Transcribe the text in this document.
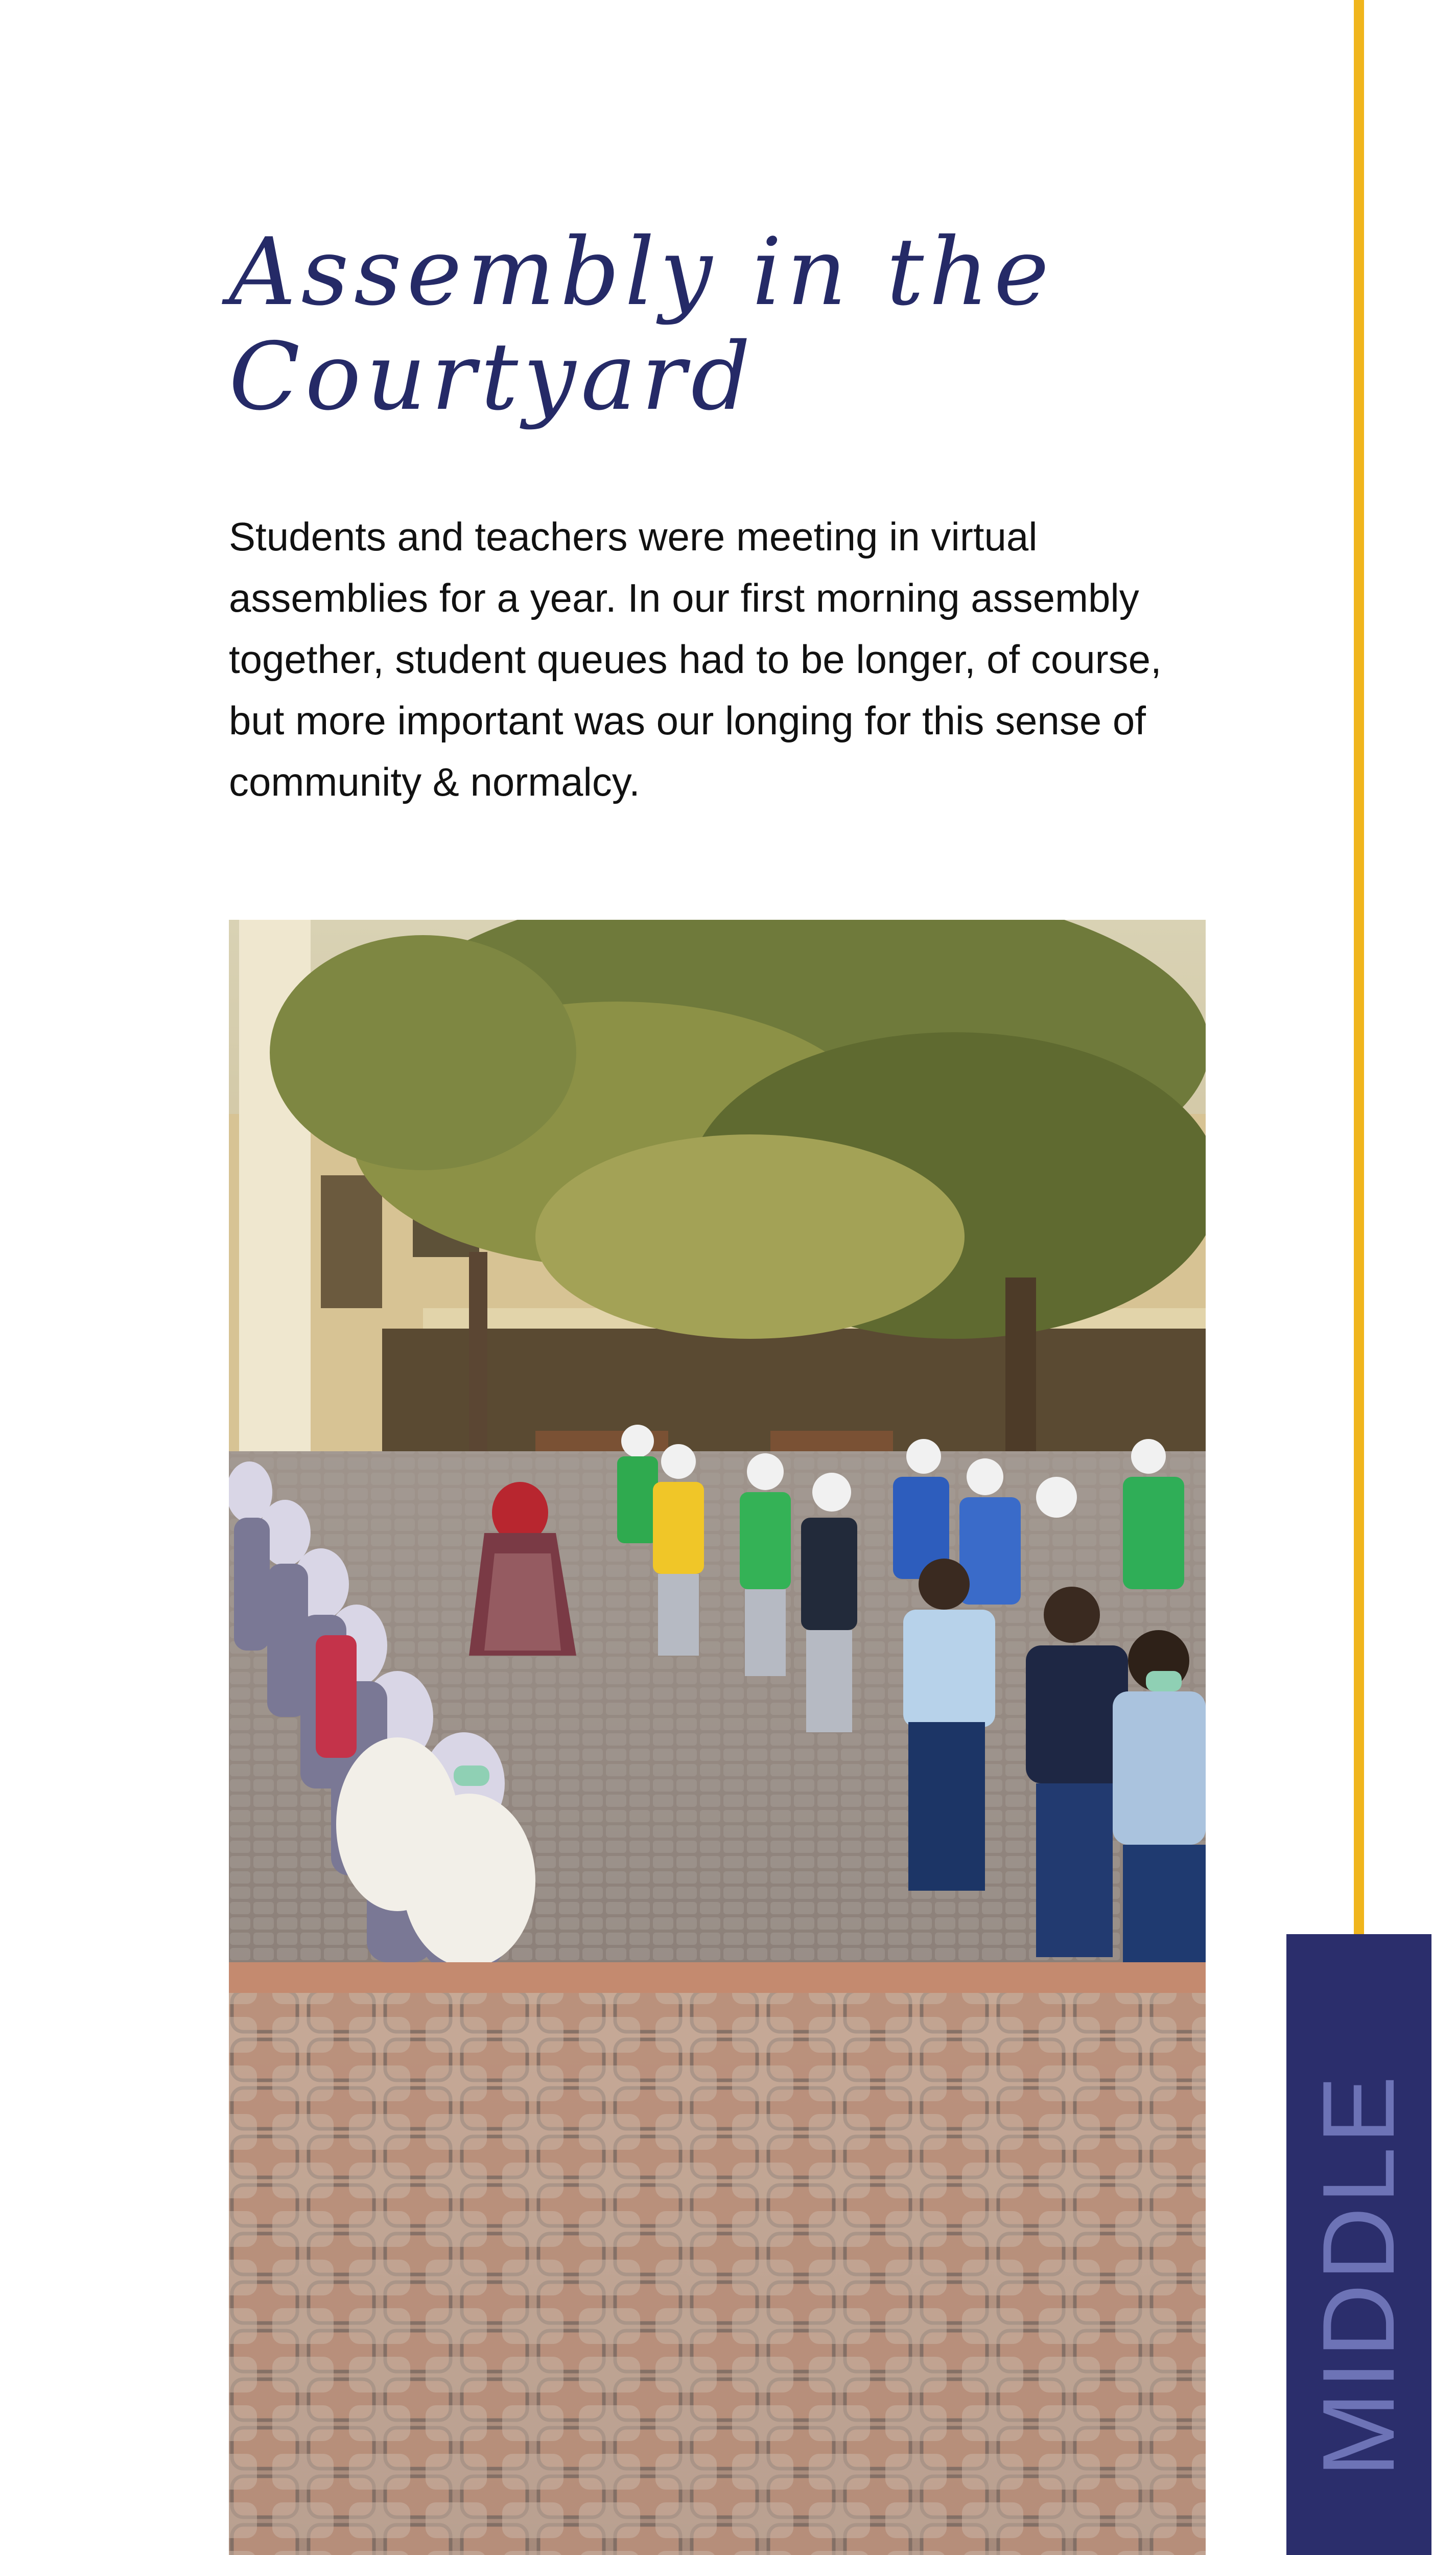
Assembly in the
Courtyard

Students and teachers were meeting in virtual assemblies for a year. In our first morning assembly together, student queues had to be longer, of course, but more important was our longing for this sense of community & normalcy.

MIDDLE
